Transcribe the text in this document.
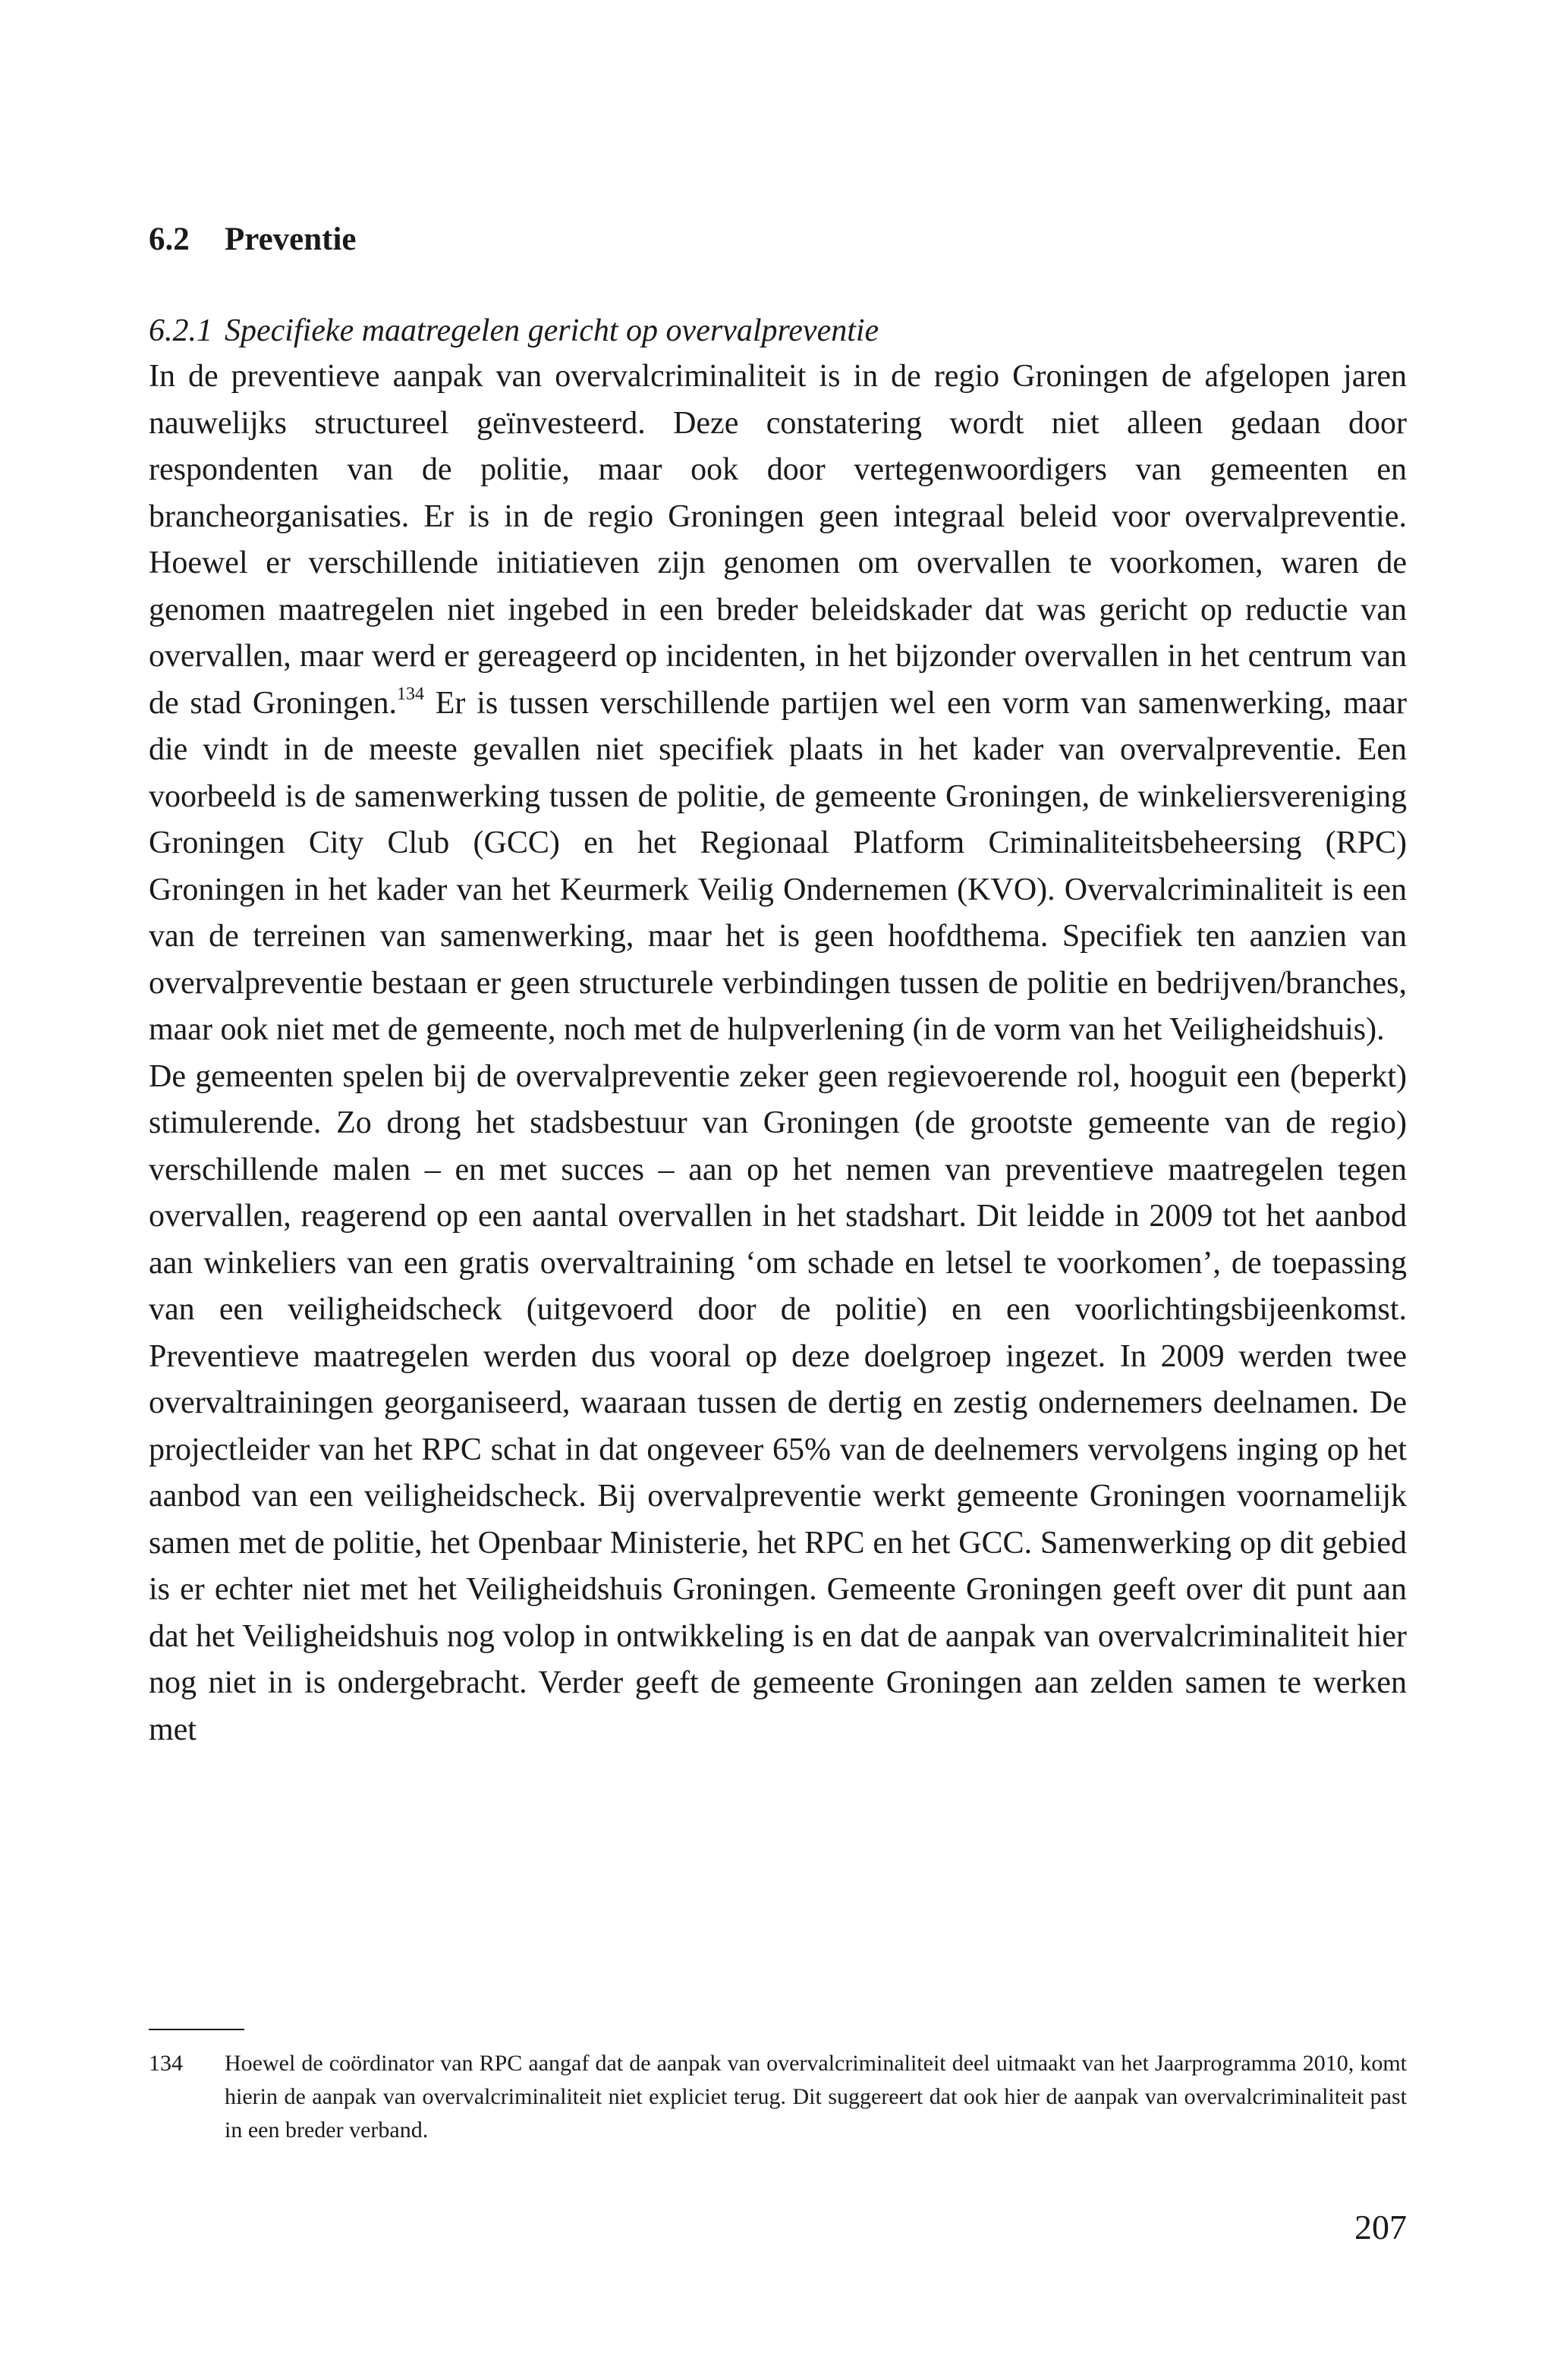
6.2 Preventie
6.2.1 Specifieke maatregelen gericht op overvalpreventie

In de preventieve aanpak van overvalcriminaliteit is in de regio Groningen de afgelopen jaren nauwelijks structureel geïnvesteerd. Deze constatering wordt niet alleen gedaan door respondenten van de politie, maar ook door vertegenwoordigers van gemeenten en brancheorganisaties. Er is in de regio Groningen geen integraal beleid voor overvalpreventie. Hoewel er verschillende initiatieven zijn genomen om overvallen te voorkomen, waren de genomen maatregelen niet ingebed in een breder beleidskader dat was gericht op reductie van overvallen, maar werd er gereageerd op incidenten, in het bijzonder overvallen in het centrum van de stad Groningen.$^{134}$ Er is tussen verschillende partijen wel een vorm van samenwerking, maar die vindt in de meeste gevallen niet specifiek plaats in het kader van overvalpreventie. Een voorbeeld is de samenwerking tussen de politie, de gemeente Groningen, de winkeliersvereniging Groningen City Club (GCC) en het Regionaal Platform Criminaliteitsbeheersing (RPC) Groningen in het kader van het Keurmerk Veilig Ondernemen (KVO). Overvalcriminaliteit is een van de terreinen van samenwerking, maar het is geen hoofdthema. Specifiek ten aanzien van overvalpreventie bestaan er geen structurele verbindingen tussen de politie en bedrijven/branches, maar ook niet met de gemeente, noch met de hulpverlening (in de vorm van het Veiligheidshuis).

De gemeenten spelen bij de overvalpreventie zeker geen regievoerende rol, hooguit een (beperkt) stimulerende. Zo drong het stadsbestuur van Groningen (de grootste gemeente van de regio) verschillende malen – en met succes – aan op het nemen van preventieve maatregelen tegen overvallen, reagerend op een aantal overvallen in het stadshart. Dit leidde in 2009 tot het aanbod aan winkeliers van een gratis overvaltraining ‘om schade en letsel te voorkomen’, de toepassing van een veiligheidscheck (uitgevoerd door de politie) en een voorlichtingsbijeenkomst. Preventieve maatregelen werden dus vooral op deze doelgroep ingezet. In 2009 werden twee overvaltrainingen georganiseerd, waaraan tussen de dertig en zestig ondernemers deelnamen. De projectleider van het RPC schat in dat ongeveer 65% van de deelnemers vervolgens inging op het aanbod van een veiligheidscheck. Bij overvalpreventie werkt gemeente Groningen voornamelijk samen met de politie, het Openbaar Ministerie, het RPC en het GCC. Samenwerking op dit gebied is er echter niet met het Veiligheidshuis Groningen. Gemeente Groningen geeft over dit punt aan dat het Veiligheidshuis nog volop in ontwikkeling is en dat de aanpak van overvalcriminaliteit hier nog niet in is ondergebracht. Verder geeft de gemeente Groningen aan zelden samen te werken met

134 Hoewel de coördinator van RPC aangaf dat de aanpak van overvalcriminaliteit deel uitmaakt van het Jaarprogramma 2010, komt hierin de aanpak van overvalcriminaliteit niet expliciet terug. Dit suggereert dat ook hier de aanpak van overvalcriminaliteit past in een breder verband.
207
